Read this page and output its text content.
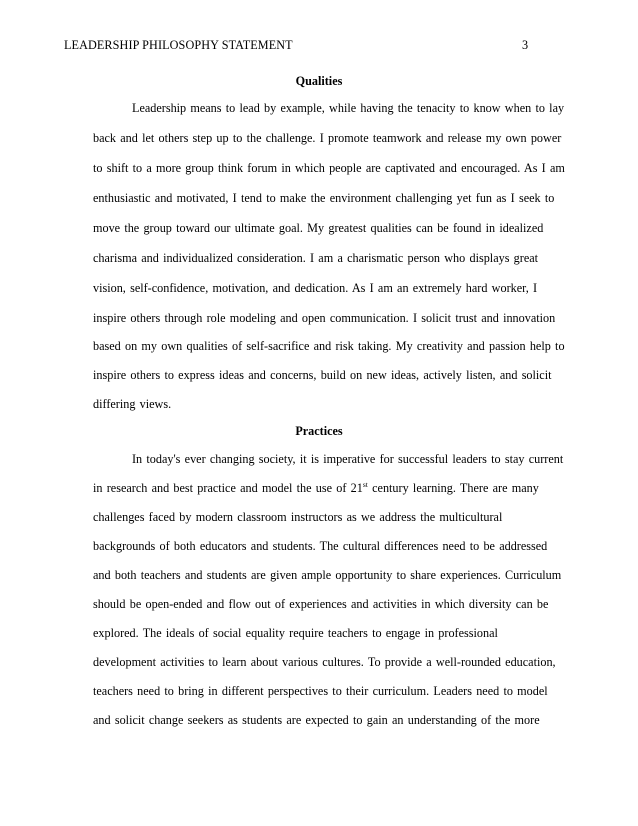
LEADERSHIP PHILOSOPHY STATEMENT	3
Qualities
Leadership means to lead by example, while having the tenacity to know when to lay
back and let others step up to the challenge. I promote teamwork and release my own power
to shift to a more group think forum in which people are captivated and encouraged. As I am
enthusiastic and motivated, I tend to make the environment challenging yet fun as I seek to
move the group toward our ultimate goal. My greatest qualities can be found in idealized
charisma and individualized consideration. I am a charismatic person who displays great
vision, self-confidence, motivation, and dedication. As I am an extremely hard worker, I
inspire others through role modeling and open communication. I solicit trust and innovation
based on my own qualities of self-sacrifice and risk taking. My creativity and passion help to
inspire others to express ideas and concerns, build on new ideas, actively listen, and solicit
differing views.
Practices
In today's ever changing society, it is imperative for successful leaders to stay current
in research and best practice and model the use of 21st century learning. There are many
challenges faced by modern classroom instructors as we address the multicultural
backgrounds of both educators and students. The cultural differences need to be addressed
and both teachers and students are given ample opportunity to share experiences. Curriculum
should be open-ended and flow out of experiences and activities in which diversity can be
explored. The ideals of social equality require teachers to engage in professional
development activities to learn about various cultures. To provide a well-rounded education,
teachers need to bring in different perspectives to their curriculum. Leaders need to model
and solicit change seekers as students are expected to gain an understanding of the more
